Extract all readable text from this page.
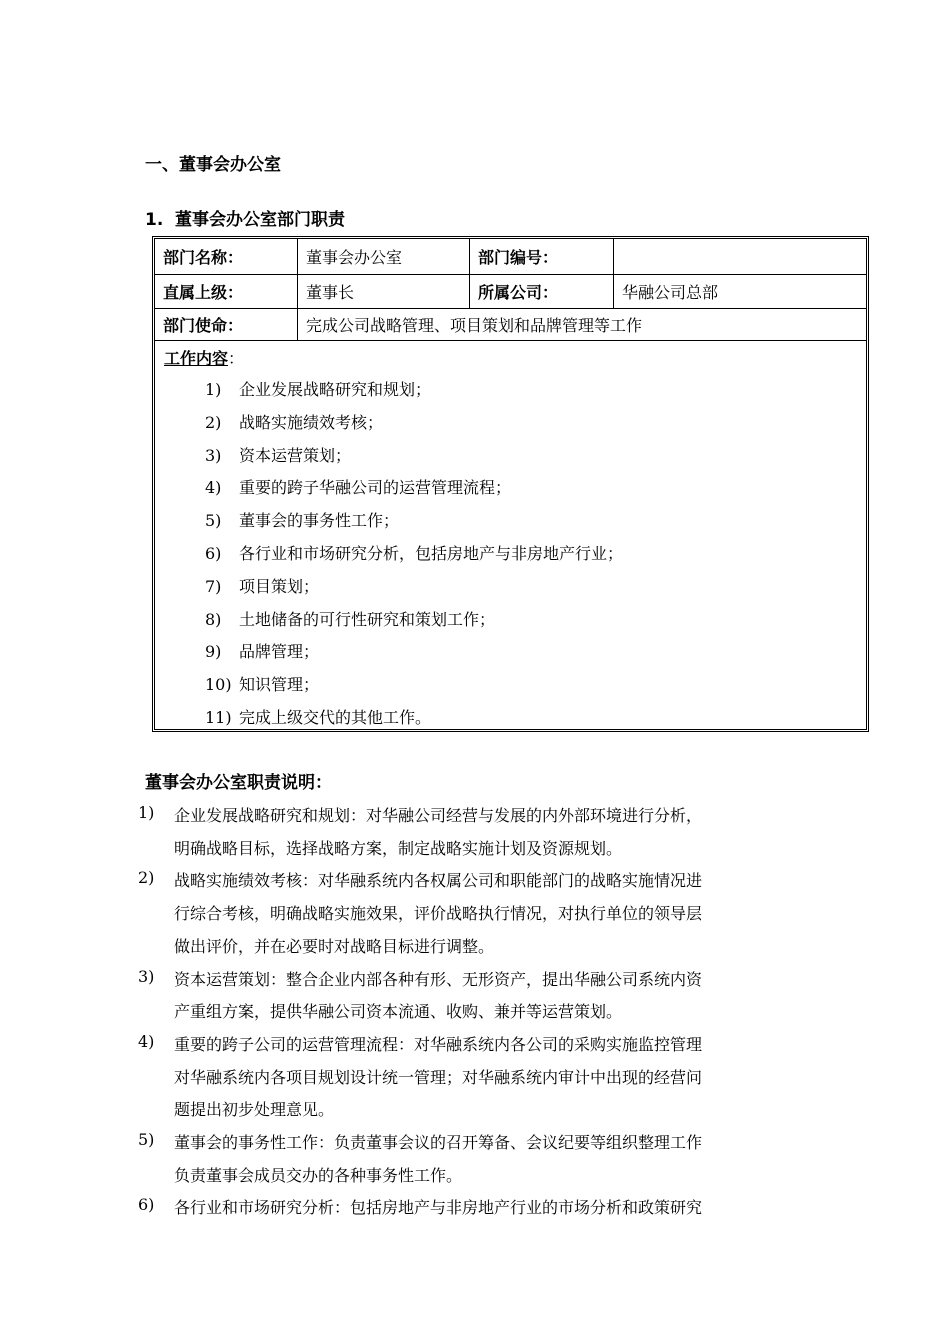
一、董事会办公室
1. 董事会办公室部门职责
部门名称：	董事会办公室	部门编号：
直属上级：	董事长	所属公司：	华融公司总部
部门使命：	完成公司战略管理、项目策划和品牌管理等工作
工作内容：
1) 企业发展战略研究和规划；
2) 战略实施绩效考核；
3) 资本运营策划；
4) 重要的跨子华融公司的运营管理流程；
5) 董事会的事务性工作；
6) 各行业和市场研究分析，包括房地产与非房地产行业；
7) 项目策划；
8) 土地储备的可行性研究和策划工作；
9) 品牌管理；
10) 知识管理；
11) 完成上级交代的其他工作。
董事会办公室职责说明：
1)	企业发展战略研究和规划：对华融公司经营与发展的内外部环境进行分析，
明确战略目标，选择战略方案，制定战略实施计划及资源规划。
2)	战略实施绩效考核：对华融系统内各权属公司和职能部门的战略实施情况进
行综合考核，明确战略实施效果，评价战略执行情况，对执行单位的领导层
做出评价，并在必要时对战略目标进行调整。
3)	资本运营策划：整合企业内部各种有形、无形资产，提出华融公司系统内资
产重组方案，提供华融公司资本流通、收购、兼并等运营策划。
4)	重要的跨子公司的运营管理流程：对华融系统内各公司的采购实施监控管理
对华融系统内各项目规划设计统一管理；对华融系统内审计中出现的经营问
题提出初步处理意见。
5)	董事会的事务性工作：负责董事会议的召开筹备、会议纪要等组织整理工作
负责董事会成员交办的各种事务性工作。
6)	各行业和市场研究分析：包括房地产与非房地产行业的市场分析和政策研究
